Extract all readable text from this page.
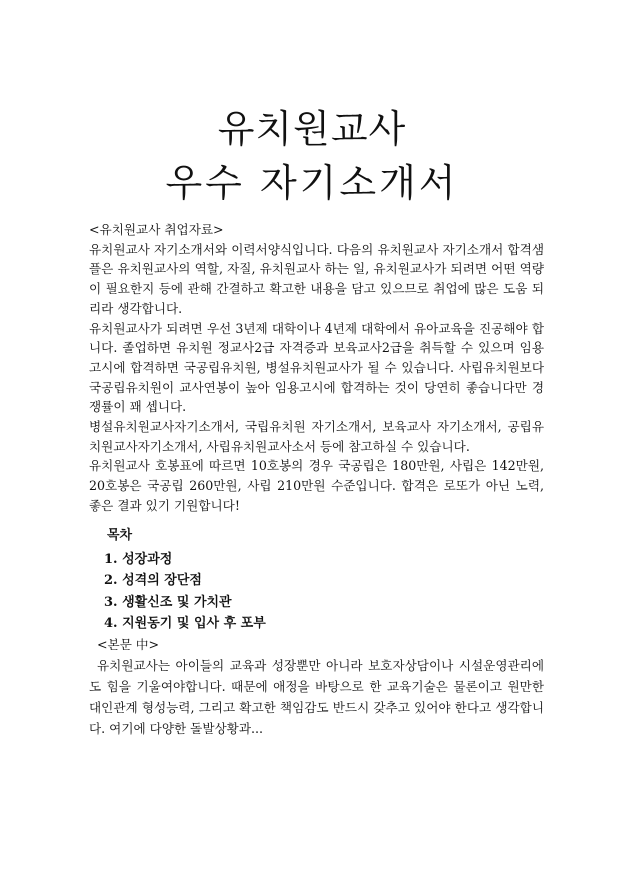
유치원교사
우수 자기소개서

<유치원교사 취업자료>

유치원교사 자기소개서와 이력서양식입니다. 다음의 유치원교사 자기소개서 합격샘플은 유치원교사의 역할, 자질, 유치원교사 하는 일, 유치원교사가 되려면 어떤 역량이 필요한지 등에 관해 간결하고 확고한 내용을 담고 있으므로 취업에 많은 도움 되리라 생각합니다.

유치원교사가 되려면 우선 3년제 대학이나 4년제 대학에서 유아교육을 진공해야 합니다. 졸업하면 유치원 정교사2급 자격증과 보육교사2급을 취득할 수 있으며 임용고시에 합격하면 국공립유치원, 병설유치원교사가 될 수 있습니다. 사립유치원보다 국공립유치원이 교사연봉이 높아 임용고시에 합격하는 것이 당연히 좋습니다만 경쟁률이 꽤 셉니다.

병설유치원교사자기소개서, 국립유치원 자기소개서, 보육교사 자기소개서, 공립유치원교사자기소개서, 사립유치원교사소서 등에 참고하실 수 있습니다.

유치원교사 호봉표에 따르면 10호봉의 경우 국공립은 180만원, 사립은 142만원, 20호봉은 국공립 260만원, 사립 210만원 수준입니다. 합격은 로또가 아닌 노력, 좋은 결과 있기 기원합니다!

목차

1. 성장과정
2. 성격의 장단점
3. 생활신조 및 가치관
4. 지원동기 및 입사 후 포부

<본문 中>

유치원교사는 아이들의 교육과 성장뿐만 아니라 보호자상담이나 시설운영관리에도 힘을 기울여야합니다. 때문에 애정을 바탕으로 한 교육기술은 물론이고 원만한 대인관계 형성능력, 그리고 확고한 책임감도 반드시 갖추고 있어야 한다고 생각합니다. 여기에 다양한 돌발상황과...
